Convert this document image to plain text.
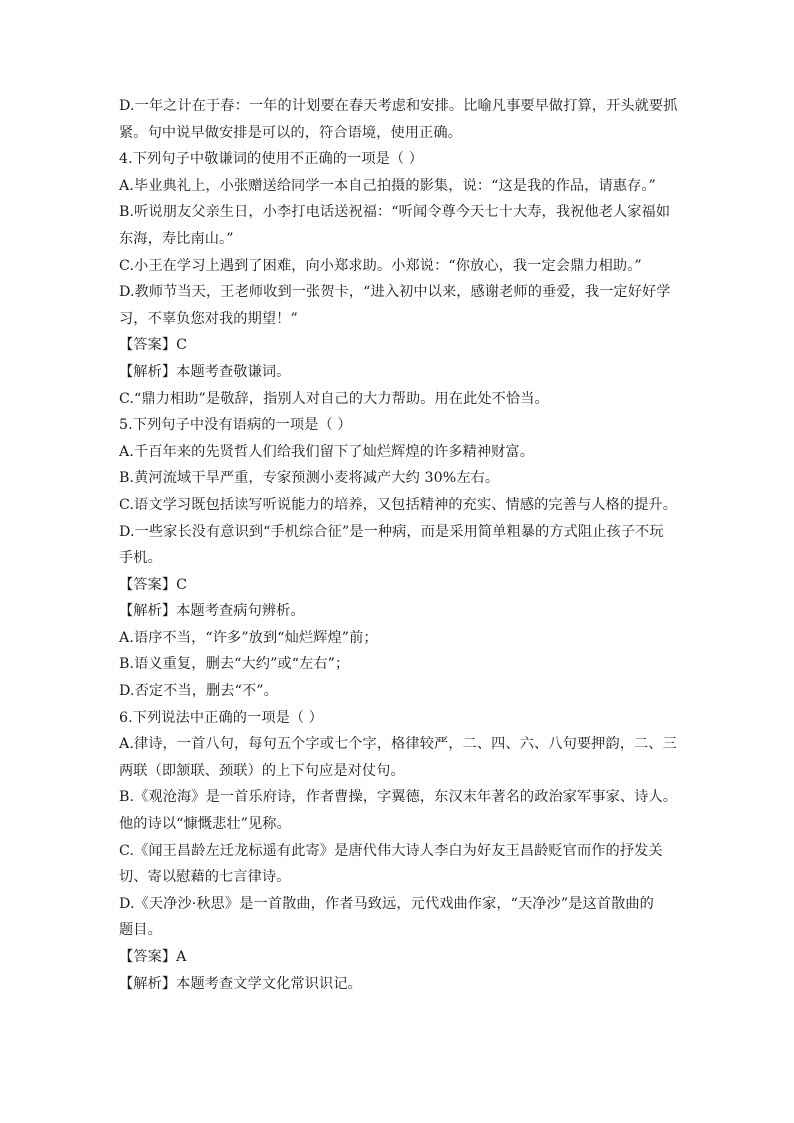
D.一年之计在于春：一年的计划要在春天考虑和安排。比喻凡事要早做打算，开头就要抓
紧。句中说早做安排是可以的，符合语境，使用正确。
4.下列句子中敬谦词的使用不正确的一项是（ ）
A.毕业典礼上，小张赠送给同学一本自己拍摄的影集，说：“这是我的作品，请惠存。”
B.听说朋友父亲生日，小李打电话送祝福：“听闻令尊今天七十大寿，我祝他老人家福如
东海，寿比南山。”
C.小王在学习上遇到了困难，向小郑求助。小郑说：“你放心，我一定会鼎力相助。”
D.教师节当天，王老师收到一张贺卡，“进入初中以来，感谢老师的垂爱，我一定好好学
习，不辜负您对我的期望！”
【答案】C
【解析】本题考查敬谦词。
C.“鼎力相助”是敬辞，指别人对自己的大力帮助。用在此处不恰当。
5.下列句子中没有语病的一项是（ ）
A.千百年来的先贤哲人们给我们留下了灿烂辉煌的许多精神财富。
B.黄河流域干旱严重，专家预测小麦将减产大约 30%左右。
C.语文学习既包括读写听说能力的培养，又包括精神的充实、情感的完善与人格的提升。
D.一些家长没有意识到“手机综合征”是一种病，而是采用简单粗暴的方式阻止孩子不玩
手机。
【答案】C
【解析】本题考查病句辨析。
A.语序不当，“许多”放到“灿烂辉煌”前；
B.语义重复，删去“大约”或“左右”；
D.否定不当，删去“不”。
6.下列说法中正确的一项是（ ）
A.律诗，一首八句，每句五个字或七个字，格律较严，二、四、六、八句要押韵，二、三
两联（即颔联、颈联）的上下句应是对仗句。
B.《观沧海》是一首乐府诗，作者曹操，字翼德，东汉末年著名的政治家军事家、诗人。
他的诗以“慷慨悲壮”见称。
C.《闻王昌龄左迁龙标遥有此寄》是唐代伟大诗人李白为好友王昌龄贬官而作的抒发关
切、寄以慰藉的七言律诗。
D.《天净沙·秋思》是一首散曲，作者马致远，元代戏曲作家，“天净沙”是这首散曲的
题目。
【答案】A
【解析】本题考查文学文化常识识记。
